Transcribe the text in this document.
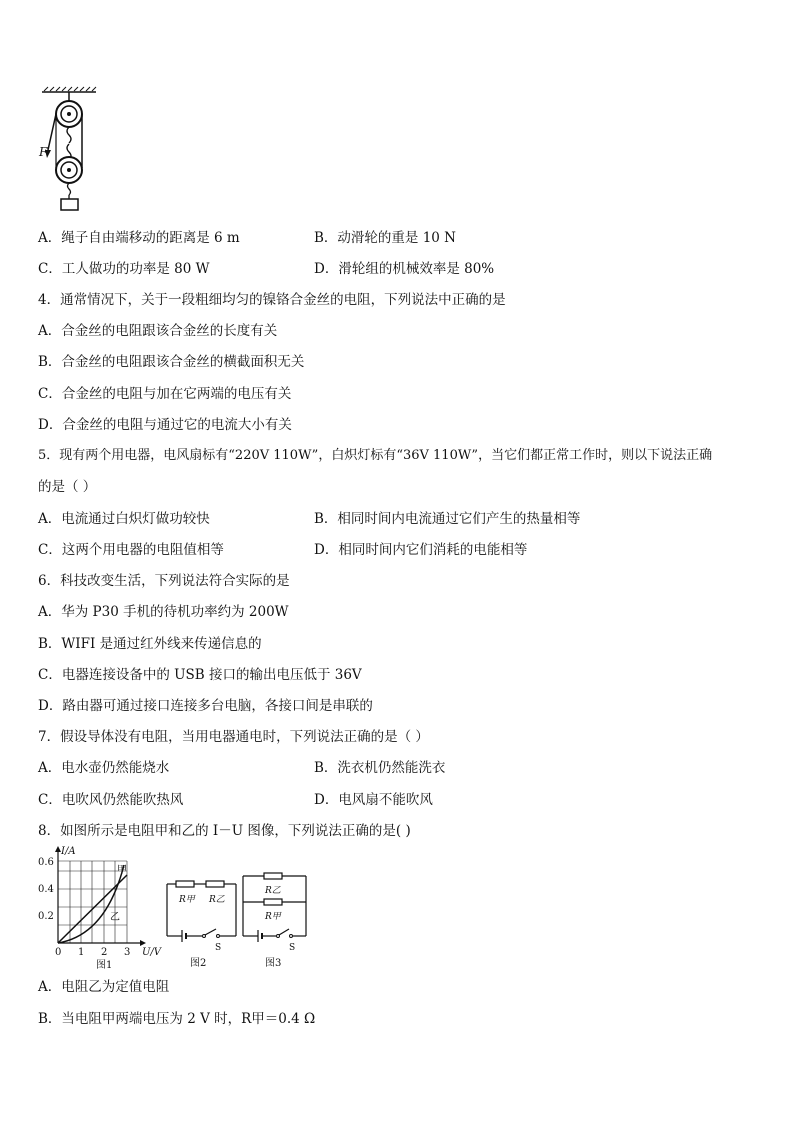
F
A．绳子自由端移动的距离是 6 m	B．动滑轮的重是 10 N
C．工人做功的功率是 80 W	D．滑轮组的机械效率是 80%
4．通常情况下，关于一段粗细均匀的镍铬合金丝的电阻，下列说法中正确的是
A．合金丝的电阻跟该合金丝的长度有关
B．合金丝的电阻跟该合金丝的横截面积无关
C．合金丝的电阻与加在它两端的电压有关
D．合金丝的电阻与通过它的电流大小有关
5．现有两个用电器，电风扇标有“220V 110W”，白炽灯标有“36V 110W”，当它们都正常工作时，则以下说法正确
的是（ ）
A．电流通过白炽灯做功较快	B．相同时间内电流通过它们产生的热量相等
C．这两个用电器的电阻值相等	D．相同时间内它们消耗的电能相等
6．科技改变生活，下列说法符合实际的是
A．华为 P30 手机的待机功率约为 200W
B．WIFI 是通过红外线来传递信息的
C．电器连接设备中的 USB 接口的输出电压低于 36V
D．路由器可通过接口连接多台电脑，各接口间是串联的
7．假设导体没有电阻，当用电器通电时，下列说法正确的是（ ）
A．电水壶仍然能烧水	B．洗衣机仍然能洗衣
C．电吹风仍然能吹热风	D．电风扇不能吹风
8．如图所示是电阻甲和乙的 I－U 图像，下列说法正确的是( )
I/A
U/V
0.6
0.4
0.2
0 1 2 3
甲
乙
图1
R甲 R乙
S
图2
R乙
R甲
S
图3
A．电阻乙为定值电阻
B．当电阻甲两端电压为 2 V 时，R甲＝0.4 Ω
